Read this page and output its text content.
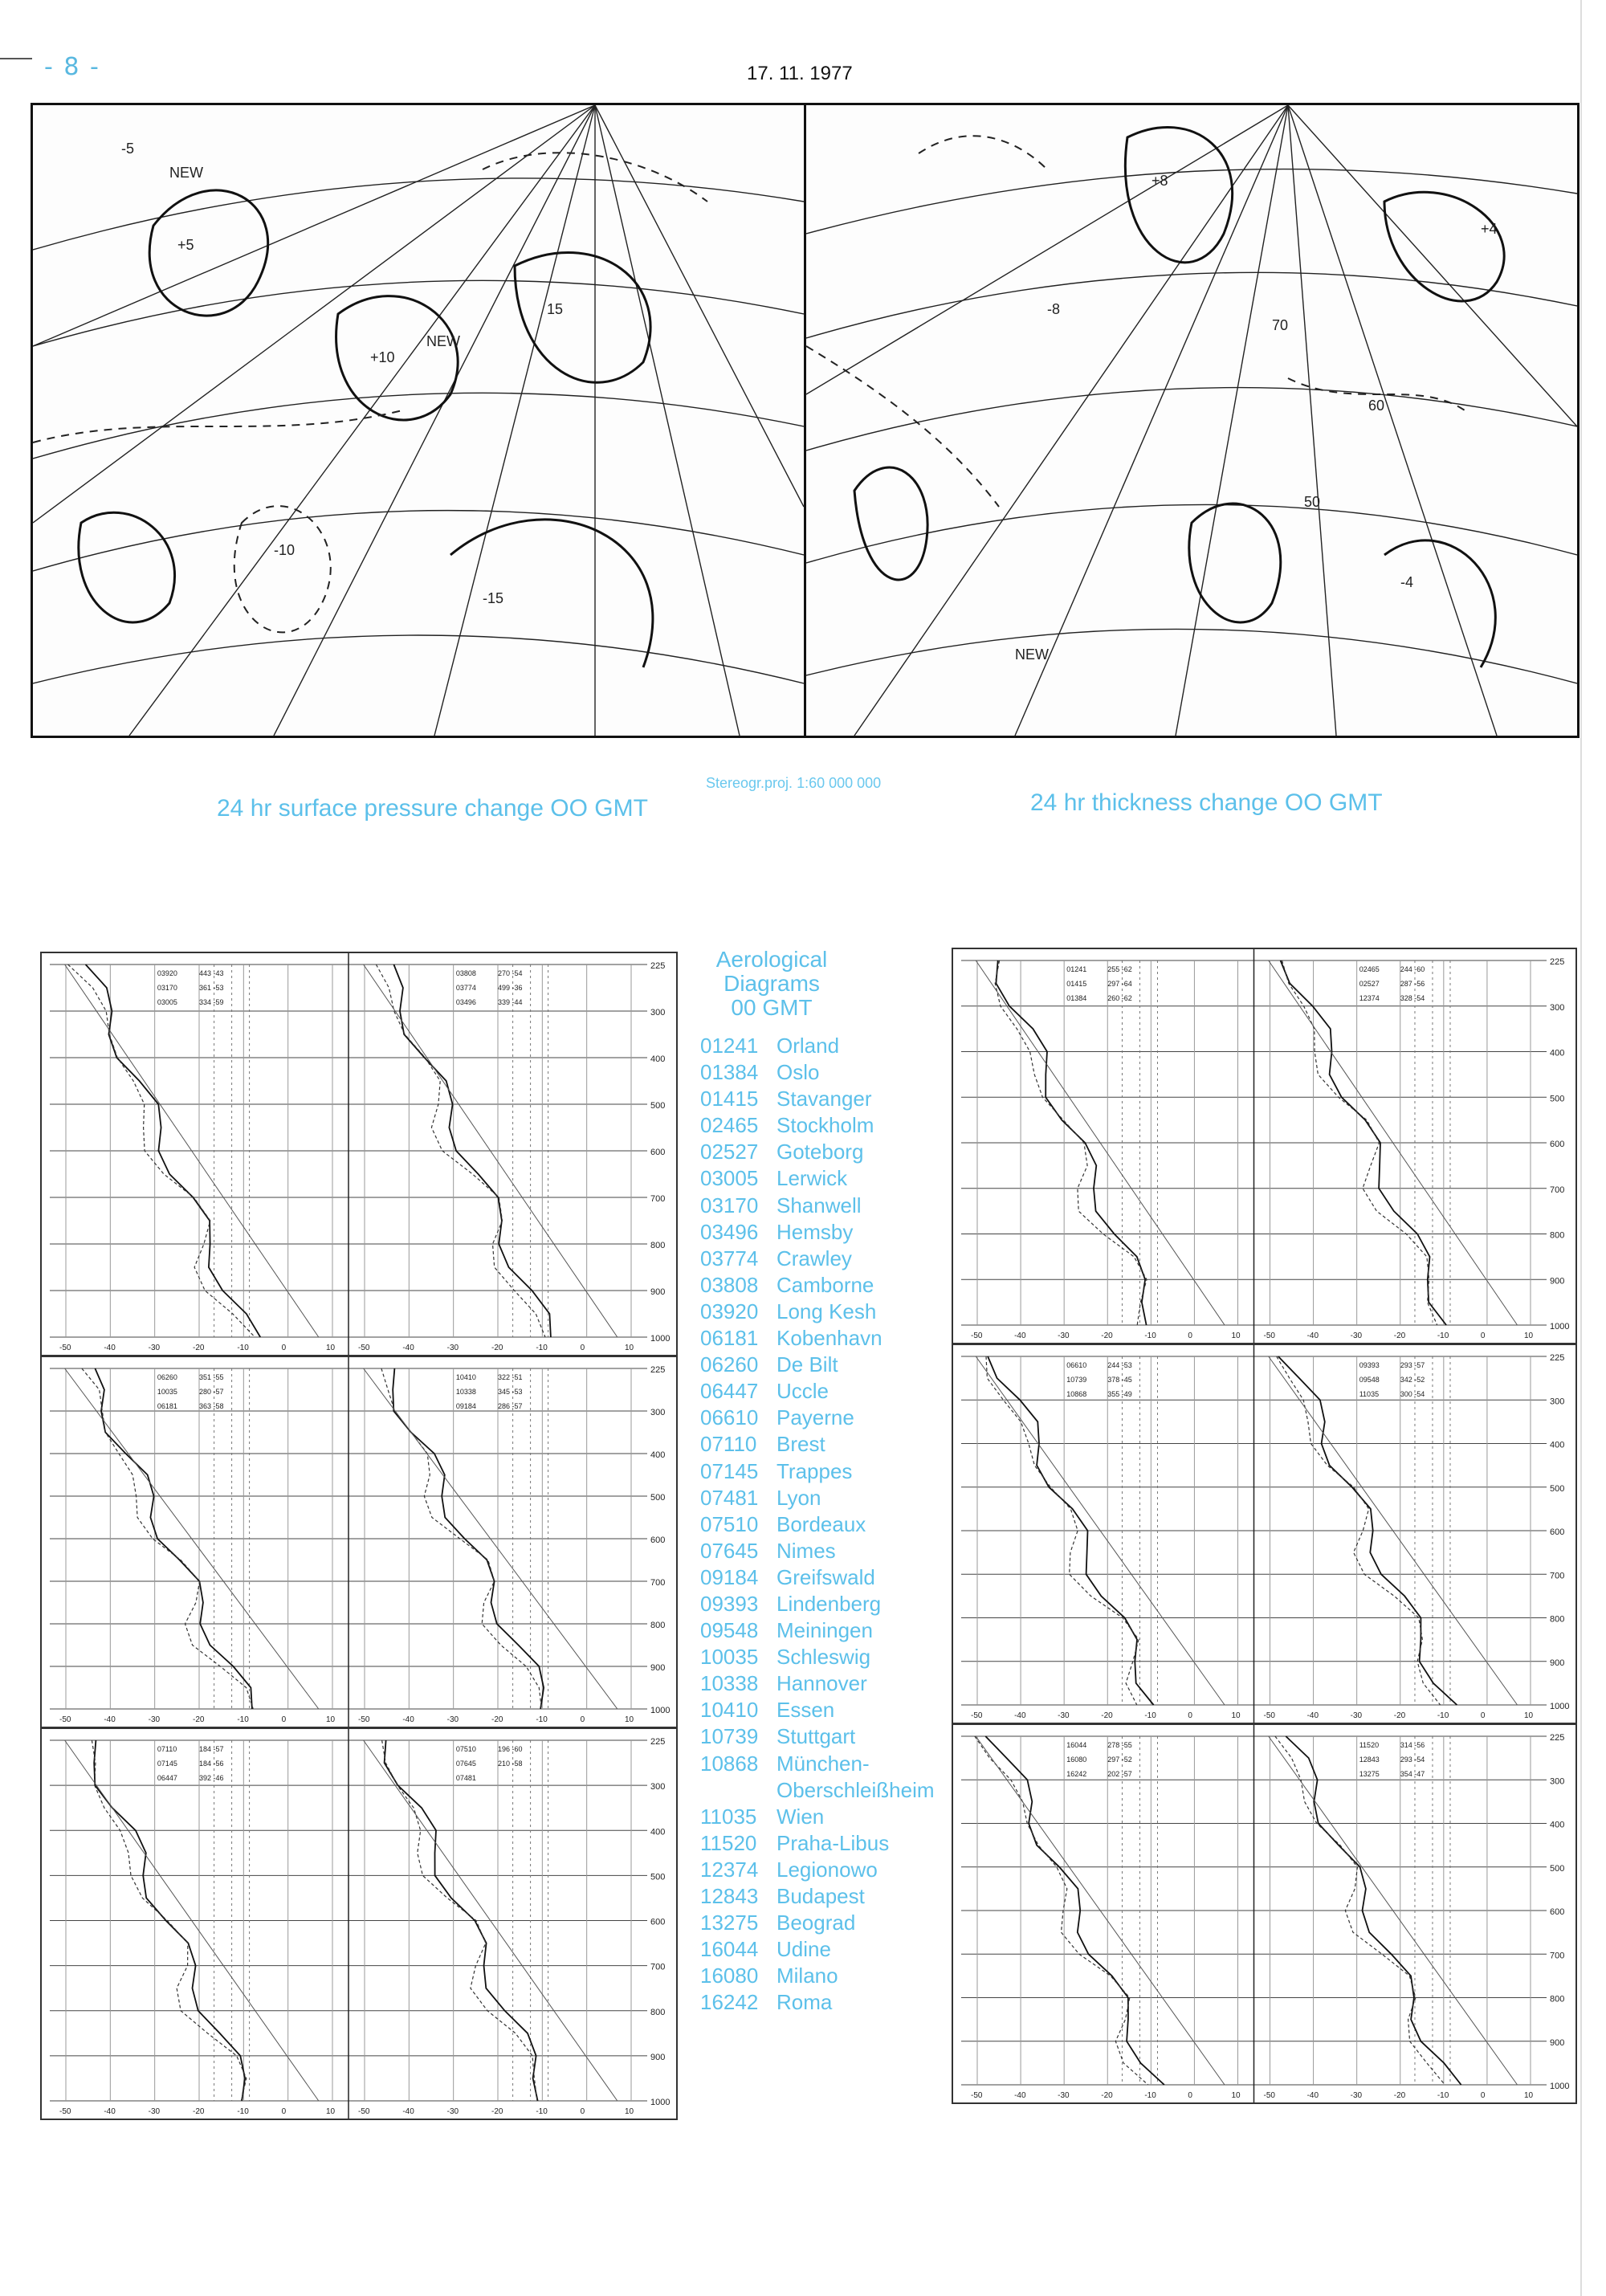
- 8 -	17. 11. 1977
NEW
NEW
-5
+5
-10
+10
15
-15
NEW
+8
-8
+4
-4
50
60
70
Stereogr.proj. 1:60 000 000
24 hr surface pressure change OO GMT	24 hr thickness change OO GMT
225
300
400
500
600
700
800
900
1000
-50	-40	-30	-20	-10	0	10
03920	443 -43
03170	361 -53
03005	334 -59
-50	-40	-30	-20	-10	0	10
03808	270 -54
03774	499 -36
03496	339 -44
225
300
400
500
600
700
800
900
1000
-50	-40	-30	-20	-10	0	10
06260	351 -55
10035	280 -57
06181	363 -58
-50	-40	-30	-20	-10	0	10
10410	322 -51
10338	345 -53
09184	286 -57
225
300
400
500
600
700
800
900
1000
-50	-40	-30	-20	-10	0	10
07110	184 -57
07145	184 -56
06447	392 -46
-50	-40	-30	-20	-10	0	10
07510	196 -60
07645	210 -58
07481
225
300
400
500
600
700
800
900
1000
-50	-40	-30	-20	-10	0	10
01241	255 -62
01415	297 -64
01384	260 -62
-50	-40	-30	-20	-10	0	10
02465	244 -60
02527	287 -56
12374	328 -54
225
300
400
500
600
700
800
900
1000
-50	-40	-30	-20	-10	0	10
06610	244 -53
10739	378 -45
10868	355 -49
-50	-40	-30	-20	-10	0	10
09393	293 -57
09548	342 -52
11035	300 -54
225
300
400
500
600
700
800
900
1000
-50	-40	-30	-20	-10	0	10
16044	278 -55
16080	297 -52
16242	202 -57
-50	-40	-30	-20	-10	0	10
11520	314 -56
12843	293 -54
13275	354 -47
Aerological
Diagrams
00 GMT
01241 Orland
01384 Oslo
01415 Stavanger
02465 Stockholm
02527 Goteborg
03005 Lerwick
03170 Shanwell
03496 Hemsby
03774 Crawley
03808 Camborne
03920 Long Kesh
06181 Kobenhavn
06260 De Bilt
06447 Uccle
06610 Payerne
07110 Brest
07145 Trappes
07481 Lyon
07510 Bordeaux
07645 Nimes
09184 Greifswald
09393 Lindenberg
09548 Meiningen
10035 Schleswig
10338 Hannover
10410 Essen
10739 Stuttgart
10868 München-
Oberschleißheim
11035 Wien
11520 Praha-Libus
12374 Legionowo
12843 Budapest
13275 Beograd
16044 Udine
16080 Milano
16242 Roma
